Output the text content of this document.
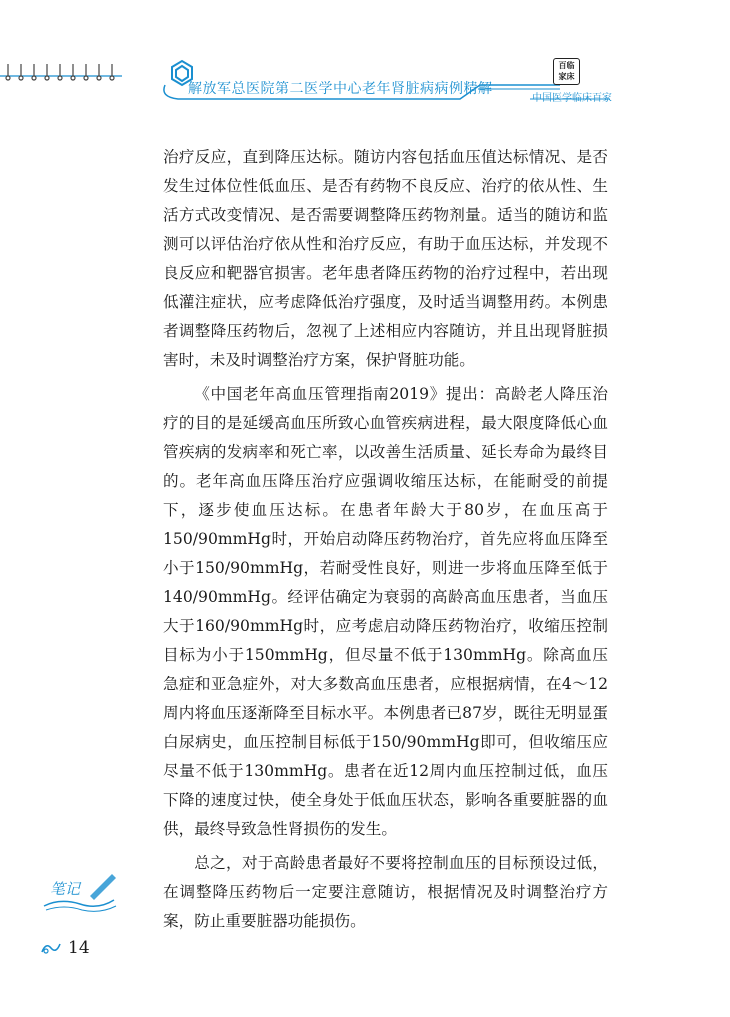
解放军总医院第二医学中心老年肾脏病病例精解
百临
家床
中国医学临床百家

治疗反应，直到降压达标。随访内容包括血压值达标情况、是否发生过体位性低血压、是否有药物不良反应、治疗的依从性、生活方式改变情况、是否需要调整降压药物剂量。适当的随访和监测可以评估治疗依从性和治疗反应，有助于血压达标，并发现不良反应和靶器官损害。老年患者降压药物的治疗过程中，若出现低灌注症状，应考虑降低治疗强度，及时适当调整用药。本例患者调整降压药物后，忽视了上述相应内容随访，并且出现肾脏损害时，未及时调整治疗方案，保护肾脏功能。

《中国老年高血压管理指南2019》提出：高龄老人降压治疗的目的是延缓高血压所致心血管疾病进程，最大限度降低心血管疾病的发病率和死亡率，以改善生活质量、延长寿命为最终目的。老年高血压降压治疗应强调收缩压达标，在能耐受的前提下，逐步使血压达标。在患者年龄大于80岁，在血压高于150/90mmHg时，开始启动降压药物治疗，首先应将血压降至小于150/90mmHg，若耐受性良好，则进一步将血压降至低于140/90mmHg。经评估确定为衰弱的高龄高血压患者，当血压大于160/90mmHg时，应考虑启动降压药物治疗，收缩压控制目标为小于150mmHg，但尽量不低于130mmHg。除高血压急症和亚急症外，对大多数高血压患者，应根据病情，在4～12周内将血压逐渐降至目标水平。本例患者已87岁，既往无明显蛋白尿病史，血压控制目标低于150/90mmHg即可，但收缩压应尽量不低于130mmHg。患者在近12周内血压控制过低，血压下降的速度过快，使全身处于低血压状态，影响各重要脏器的血供，最终导致急性肾损伤的发生。

总之，对于高龄患者最好不要将控制血压的目标预设过低，在调整降压药物后一定要注意随访，根据情况及时调整治疗方案，防止重要脏器功能损伤。

笔记
14
